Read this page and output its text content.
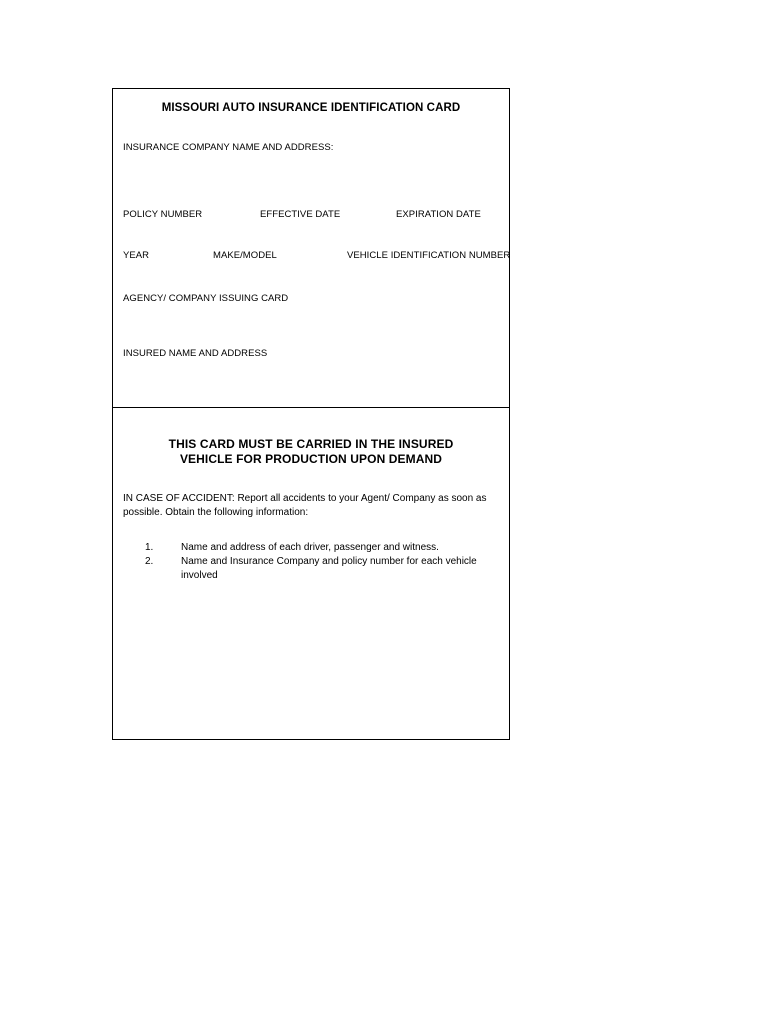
MISSOURI AUTO INSURANCE IDENTIFICATION CARD
INSURANCE COMPANY NAME AND ADDRESS:
POLICY NUMBER	EFFECTIVE DATE	EXPIRATION DATE
YEAR	MAKE/MODEL	VEHICLE IDENTIFICATION NUMBER
AGENCY/ COMPANY ISSUING CARD
INSURED NAME AND ADDRESS
THIS CARD MUST BE CARRIED IN THE INSURED
VEHICLE FOR PRODUCTION UPON DEMAND
IN CASE OF ACCIDENT: Report all accidents to your Agent/ Company as soon as possible. Obtain the following information:
1.	Name and address of each driver, passenger and witness.
2.	Name and Insurance Company and policy number for each vehicle involved
